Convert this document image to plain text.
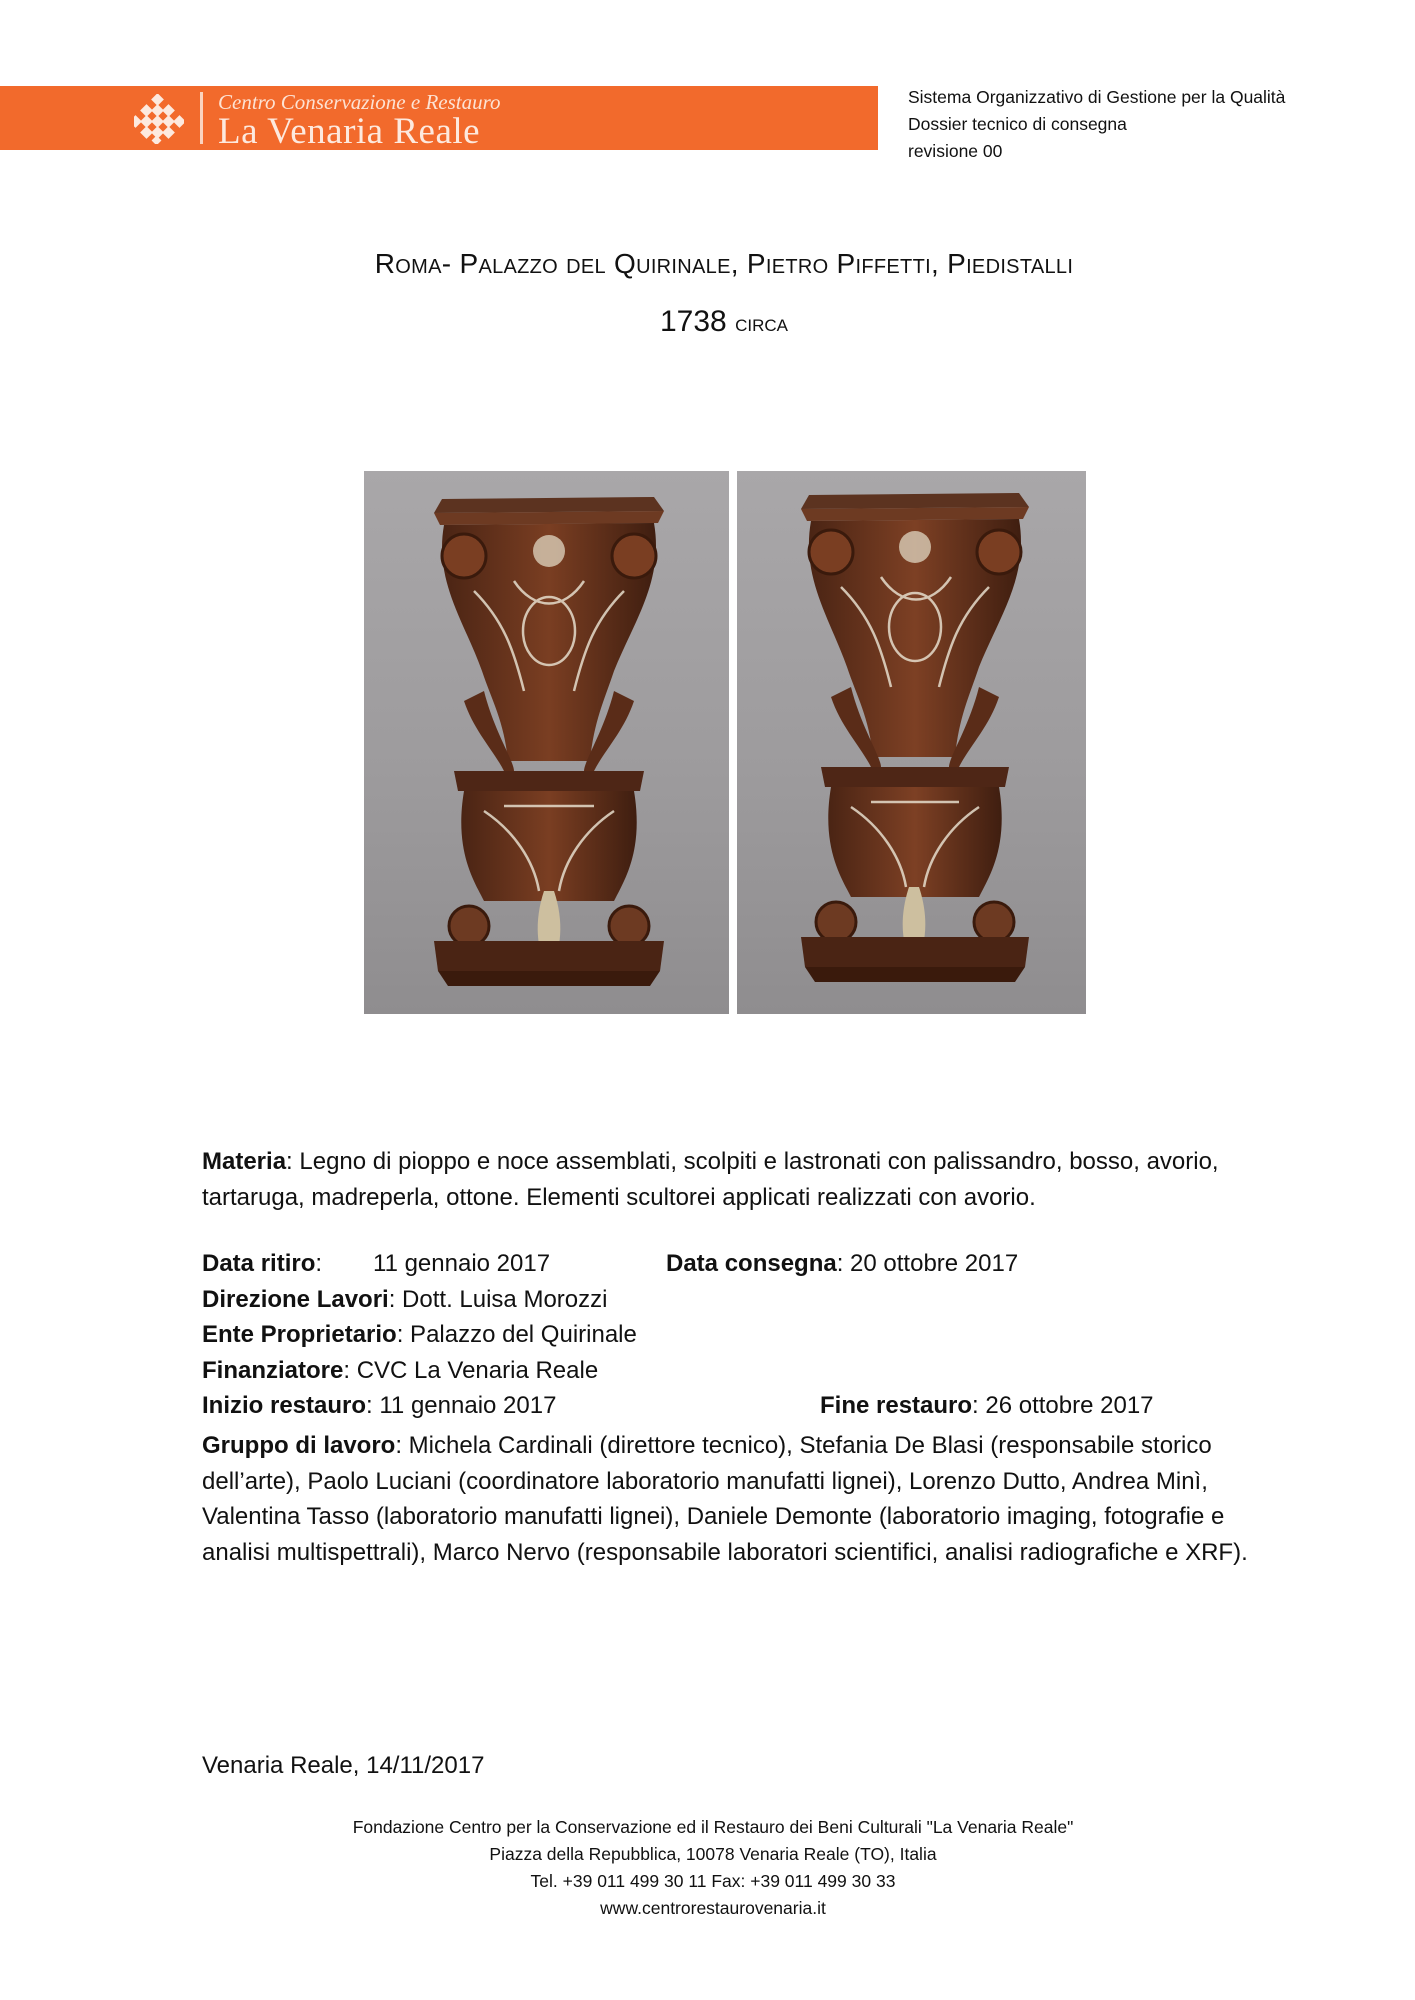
Centro Conservazione e Restauro
La Venaria Reale
Sistema Organizzativo di Gestione per la Qualità
Dossier tecnico di consegna
revisione 00
Roma- Palazzo del Quirinale, Pietro Piffetti, Piedistalli
1738 circa
Materia: Legno di pioppo e noce assemblati, scolpiti e lastronati con palissandro, bosso, avorio, tartaruga, madreperla, ottone. Elementi scultorei applicati realizzati con avorio.
Data ritiro: 11 gennaio 2017	Data consegna: 20 ottobre 2017
Direzione Lavori: Dott. Luisa Morozzi
Ente Proprietario: Palazzo del Quirinale
Finanziatore: CVC La Venaria Reale
Inizio restauro: 11 gennaio 2017	Fine restauro: 26 ottobre 2017
Gruppo di lavoro: Michela Cardinali (direttore tecnico), Stefania De Blasi (responsabile storico dell’arte), Paolo Luciani (coordinatore laboratorio manufatti lignei), Lorenzo Dutto, Andrea Minì, Valentina Tasso (laboratorio manufatti lignei), Daniele Demonte (laboratorio imaging, fotografie e analisi multispettrali), Marco Nervo (responsabile laboratori scientifici, analisi radiografiche e XRF).
Venaria Reale, 14/11/2017
Fondazione Centro per la Conservazione ed il Restauro dei Beni Culturali "La Venaria Reale"
Piazza della Repubblica, 10078 Venaria Reale (TO), Italia
Tel. +39 011 499 30 11 Fax: +39 011 499 30 33
www.centrorestaurovenaria.it
